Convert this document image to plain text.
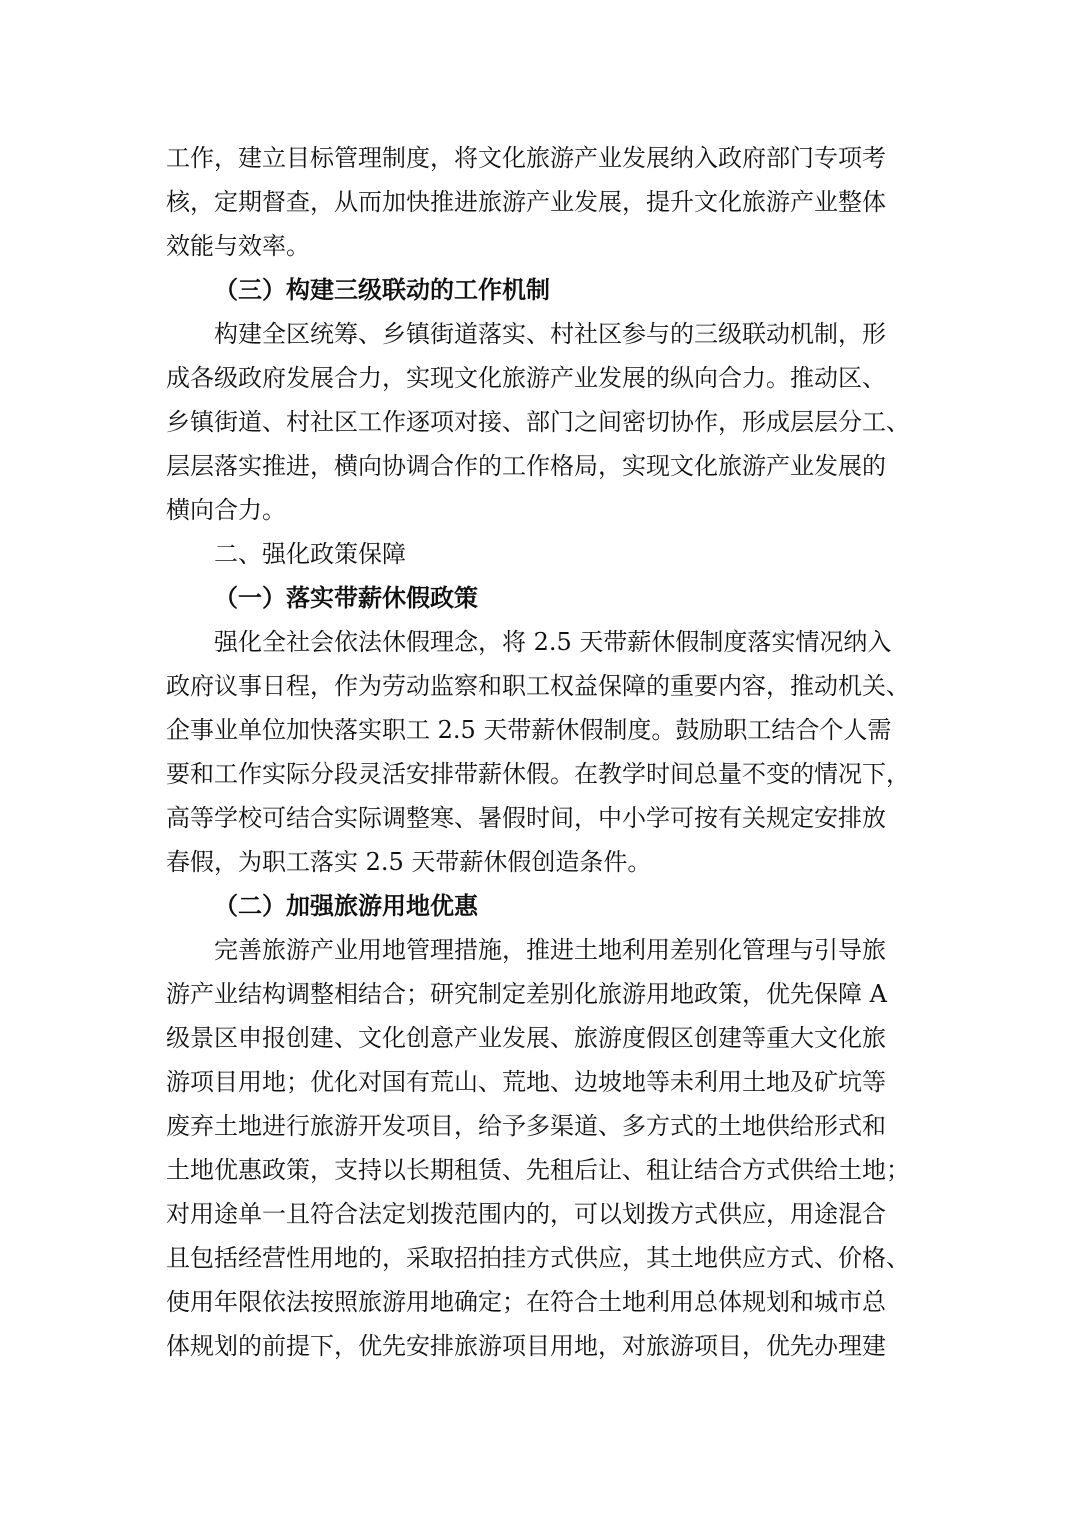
工作，建立目标管理制度，将文化旅游产业发展纳入政府部门专项考
核，定期督查，从而加快推进旅游产业发展，提升文化旅游产业整体
效能与效率。
（三）构建三级联动的工作机制
构建全区统筹、乡镇街道落实、村社区参与的三级联动机制，形
成各级政府发展合力，实现文化旅游产业发展的纵向合力。推动区、
乡镇街道、村社区工作逐项对接、部门之间密切协作，形成层层分工、
层层落实推进，横向协调合作的工作格局，实现文化旅游产业发展的
横向合力。
二、强化政策保障
（一）落实带薪休假政策
强化全社会依法休假理念，将 2.5 天带薪休假制度落实情况纳入
政府议事日程，作为劳动监察和职工权益保障的重要内容，推动机关、
企事业单位加快落实职工 2.5 天带薪休假制度。鼓励职工结合个人需
要和工作实际分段灵活安排带薪休假。在教学时间总量不变的情况下，
高等学校可结合实际调整寒、暑假时间，中小学可按有关规定安排放
春假，为职工落实 2.5 天带薪休假创造条件。
（二）加强旅游用地优惠
完善旅游产业用地管理措施，推进土地利用差别化管理与引导旅
游产业结构调整相结合；研究制定差别化旅游用地政策，优先保障 A
级景区申报创建、文化创意产业发展、旅游度假区创建等重大文化旅
游项目用地；优化对国有荒山、荒地、边坡地等未利用土地及矿坑等
废弃土地进行旅游开发项目，给予多渠道、多方式的土地供给形式和
土地优惠政策，支持以长期租赁、先租后让、租让结合方式供给土地；
对用途单一且符合法定划拨范围内的，可以划拨方式供应，用途混合
且包括经营性用地的，采取招拍挂方式供应，其土地供应方式、价格、
使用年限依法按照旅游用地确定；在符合土地利用总体规划和城市总
体规划的前提下，优先安排旅游项目用地，对旅游项目，优先办理建
